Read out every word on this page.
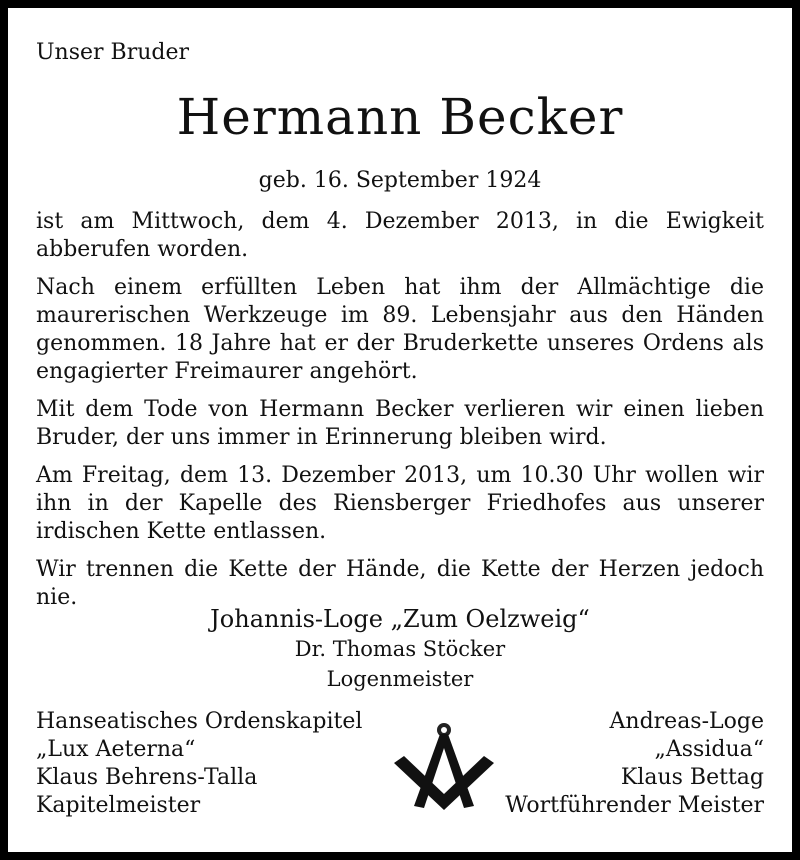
Unser Bruder
Hermann Becker
geb. 16. September 1924

ist am Mittwoch, dem 4. Dezember 2013, in die Ewigkeit abberufen worden.

Nach einem erfüllten Leben hat ihm der Allmächtige die maurerischen Werkzeuge im 89. Lebensjahr aus den Händen genommen. 18 Jahre hat er der Bruderkette unseres Ordens als engagierter Freimaurer angehört.

Mit dem Tode von Hermann Becker verlieren wir einen lieben Bruder, der uns immer in Erinnerung bleiben wird.

Am Freitag, dem 13. Dezember 2013, um 10.30 Uhr wollen wir ihn in der Kapelle des Riensberger Friedhofes aus unserer irdischen Kette entlassen.

Wir trennen die Kette der Hände, die Kette der Herzen jedoch nie.

Johannis-Loge „Zum Oelzweig“
Dr. Thomas Stöcker
Logenmeister
Hanseatisches Ordenskapitel
„Lux Aeterna“
Klaus Behrens-Talla
Kapitelmeister
Andreas-Loge
„Assidua“
Klaus Bettag
Wortführender Meister
